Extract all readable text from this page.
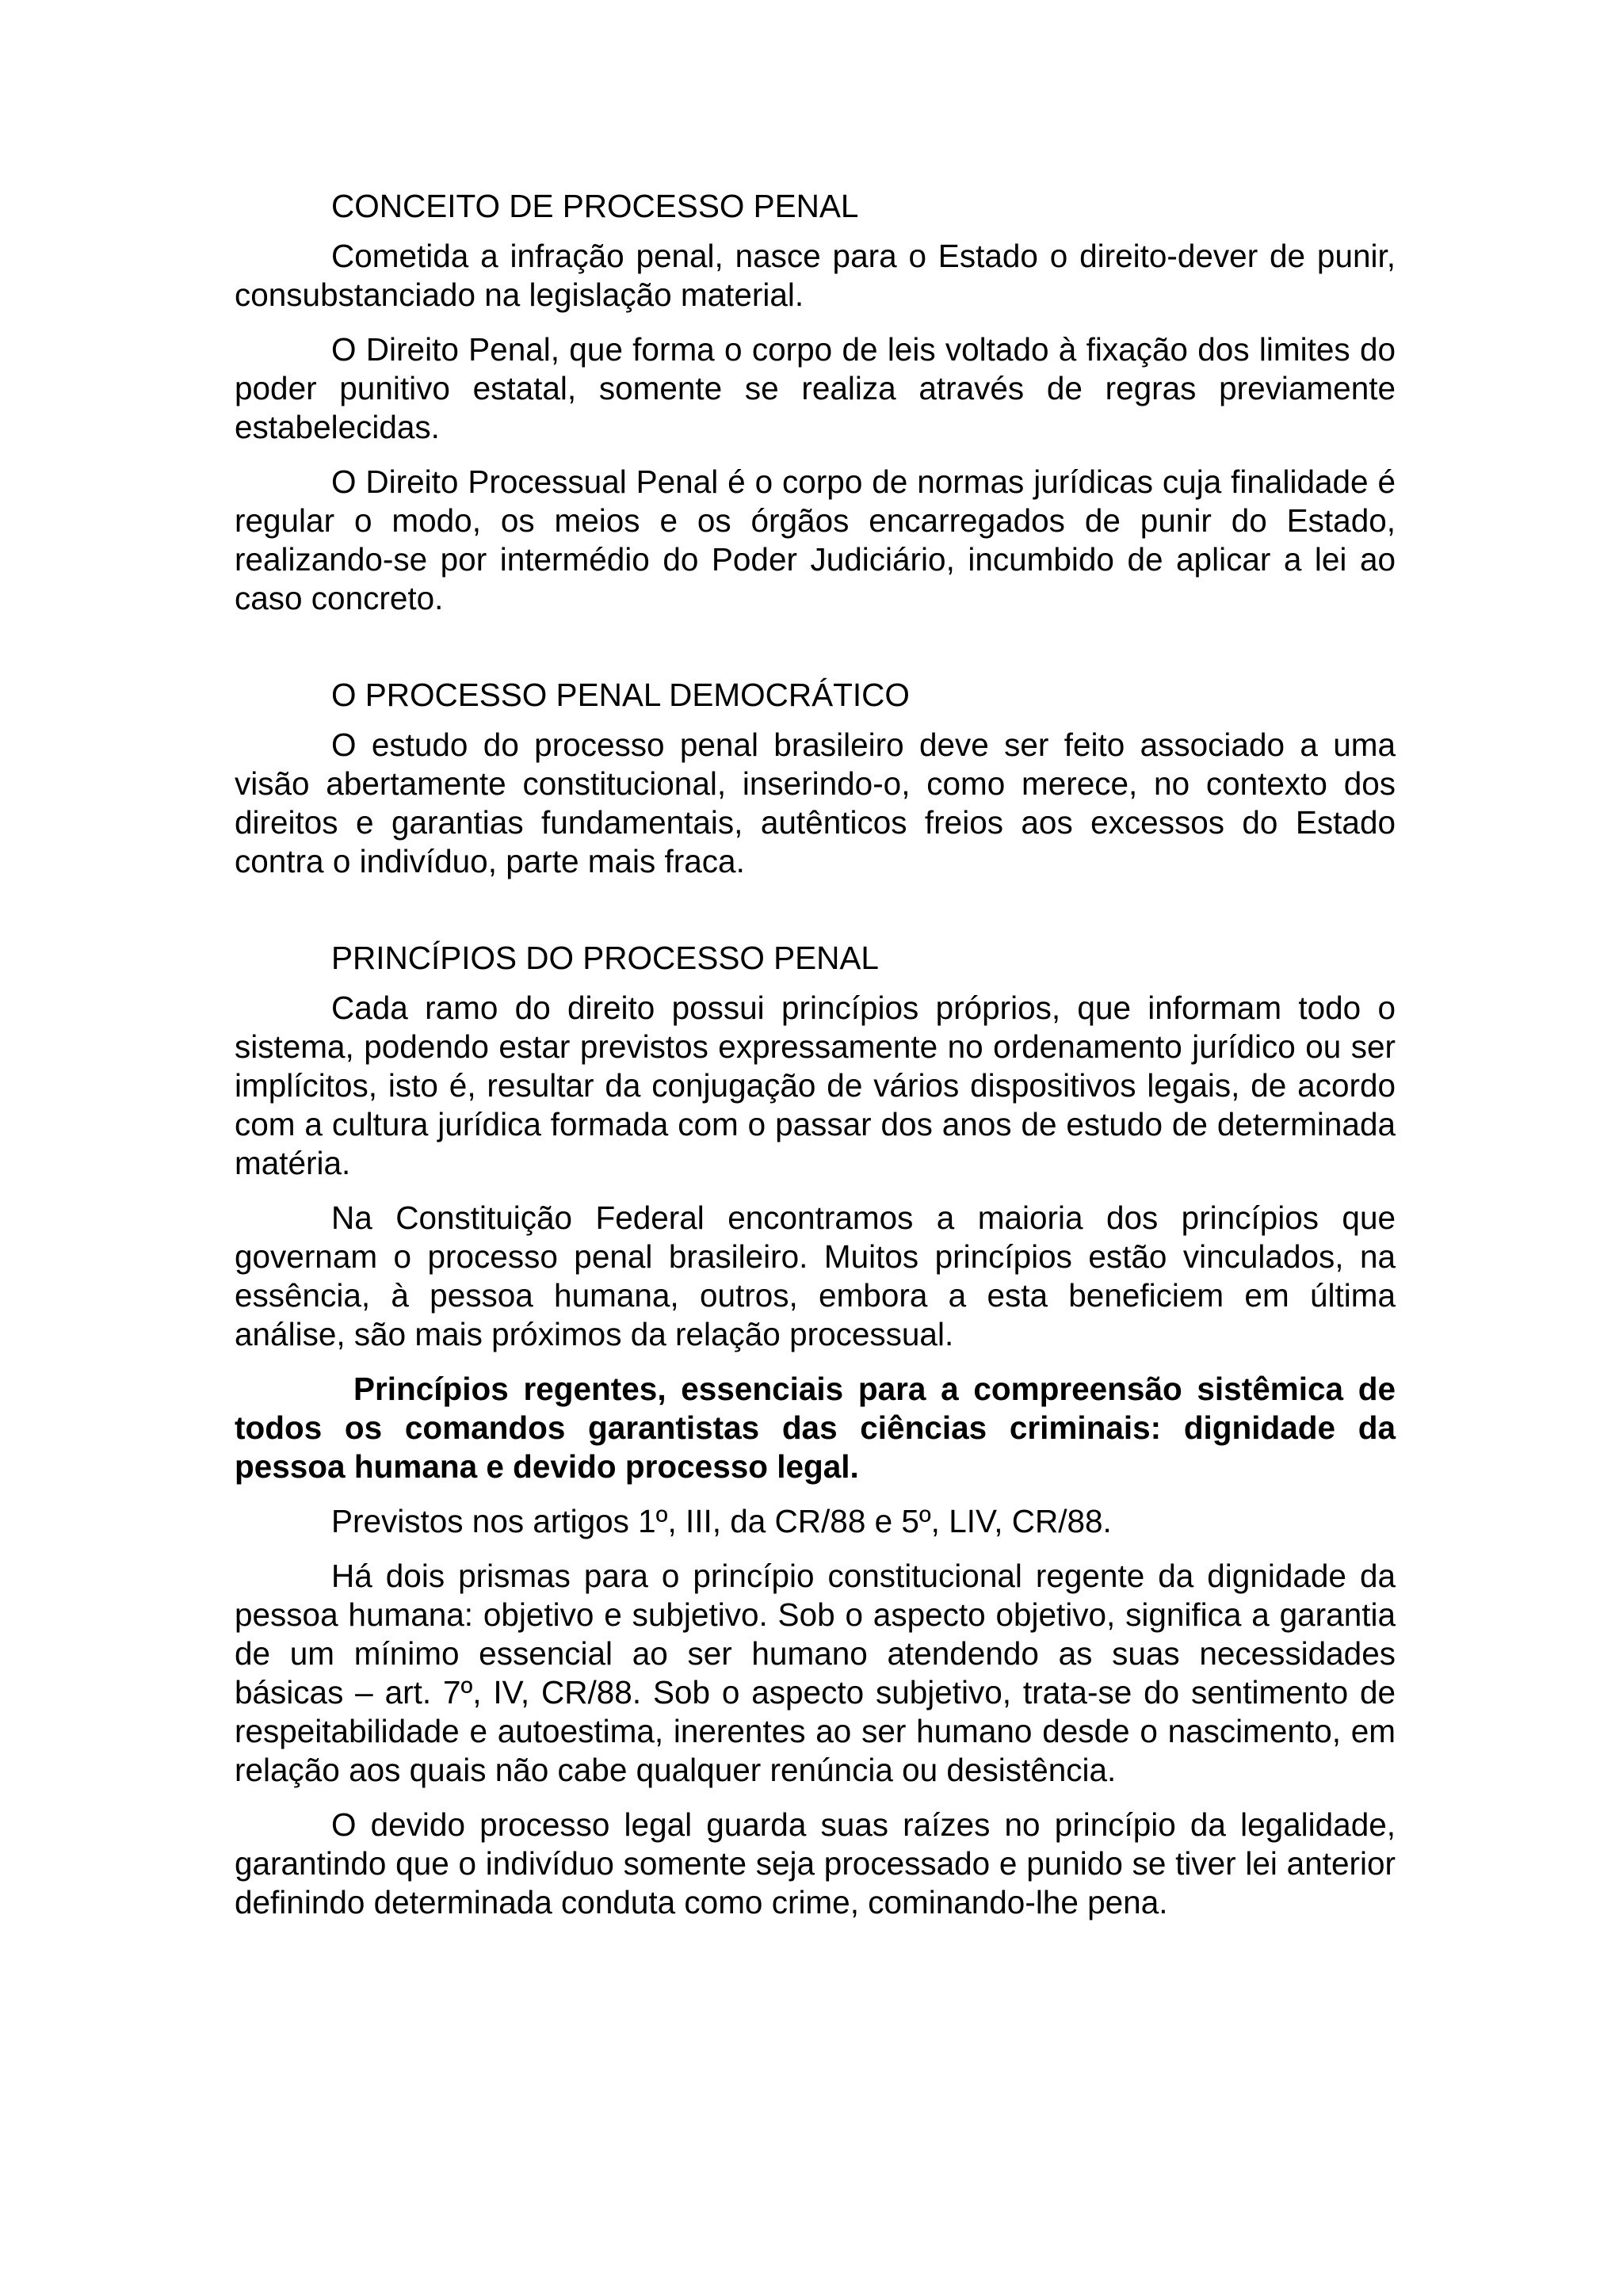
CONCEITO DE PROCESSO PENAL

Cometida a infração penal, nasce para o Estado o direito-dever de punir, consubstanciado na legislação material.

O Direito Penal, que forma o corpo de leis voltado à fixação dos limites do poder punitivo estatal, somente se realiza através de regras previamente estabelecidas.

O Direito Processual Penal é o corpo de normas jurídicas cuja finalidade é regular o modo, os meios e os órgãos encarregados de punir do Estado, realizando-se por intermédio do Poder Judiciário, incumbido de aplicar a lei ao caso concreto.

O PROCESSO PENAL DEMOCRÁTICO

O estudo do processo penal brasileiro deve ser feito associado a uma visão abertamente constitucional, inserindo-o, como merece, no contexto dos direitos e garantias fundamentais, autênticos freios aos excessos do Estado contra o indivíduo, parte mais fraca.

PRINCÍPIOS DO PROCESSO PENAL

Cada ramo do direito possui princípios próprios, que informam todo o sistema, podendo estar previstos expressamente no ordenamento jurídico ou ser implícitos, isto é, resultar da conjugação de vários dispositivos legais, de acordo com a cultura jurídica formada com o passar dos anos de estudo de determinada matéria.

Na Constituição Federal encontramos a maioria dos princípios que governam o processo penal brasileiro. Muitos princípios estão vinculados, na essência, à pessoa humana, outros, embora a esta beneficiem em última análise, são mais próximos da relação processual.

Princípios regentes, essenciais para a compreensão sistêmica de todos os comandos garantistas das ciências criminais: dignidade da pessoa humana e devido processo legal.

Previstos nos artigos 1º, III, da CR/88 e 5º, LIV, CR/88.

Há dois prismas para o princípio constitucional regente da dignidade da pessoa humana: objetivo e subjetivo. Sob o aspecto objetivo, significa a garantia de um mínimo essencial ao ser humano atendendo as suas necessidades básicas – art. 7º, IV, CR/88. Sob o aspecto subjetivo, trata-se do sentimento de respeitabilidade e autoestima, inerentes ao ser humano desde o nascimento, em relação aos quais não cabe qualquer renúncia ou desistência.

O devido processo legal guarda suas raízes no princípio da legalidade, garantindo que o indivíduo somente seja processado e punido se tiver lei anterior definindo determinada conduta como crime, cominando-lhe pena.
